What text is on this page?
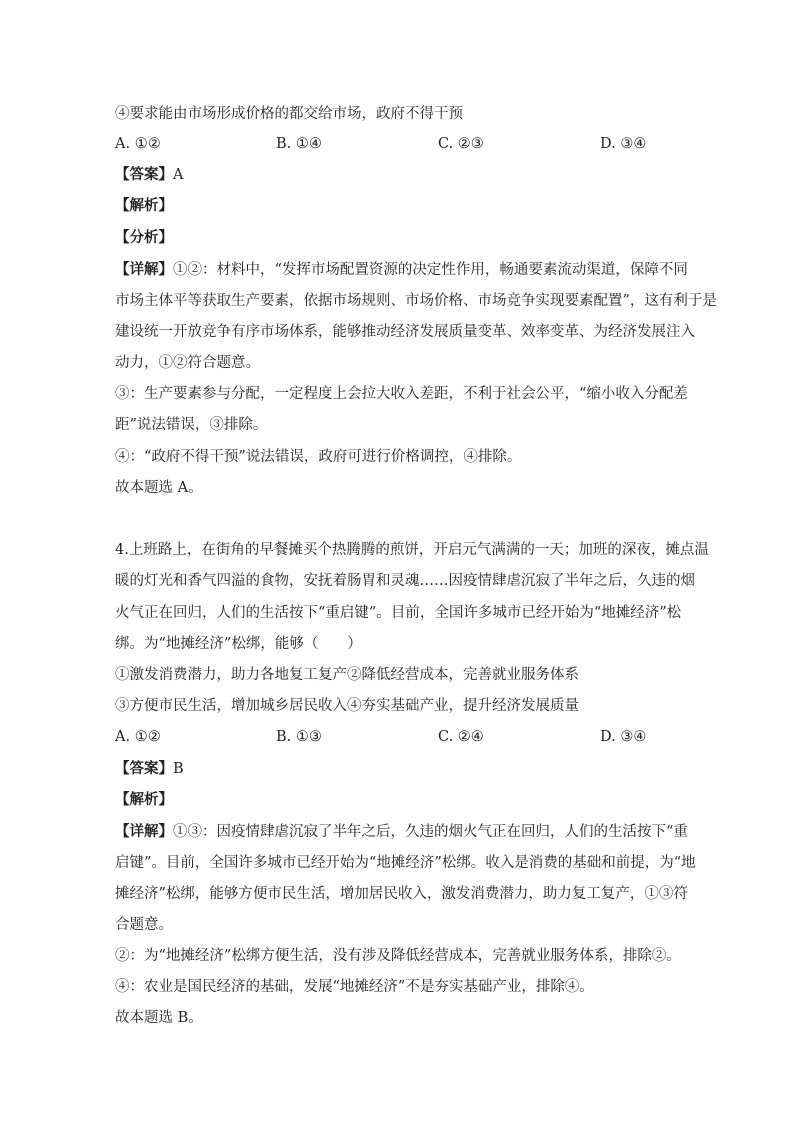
④要求能由市场形成价格的都交给市场，政府不得干预
A. ①②	B. ①④	C. ②③	D. ③④
【答案】A
【解析】
【分析】
【详解】①②：材料中，“发挥市场配置资源的决定性作用，畅通要素流动渠道，保障不同
市场主体平等获取生产要素，依据市场规则、市场价格、市场竞争实现要素配置”，这有利于是
建设统一开放竞争有序市场体系，能够推动经济发展质量变革、效率变革、为经济发展注入
动力，①②符合题意。
③：生产要素参与分配，一定程度上会拉大收入差距，不利于社会公平，“缩小收入分配差
距”说法错误，③排除。
④：“政府不得干预”说法错误，政府可进行价格调控，④排除。
故本题选 A。
4.上班路上，在街角的早餐摊买个热腾腾的煎饼，开启元气满满的一天；加班的深夜，摊点温
暖的灯光和香气四溢的食物，安抚着肠胃和灵魂……因疫情肆虐沉寂了半年之后，久违的烟
火气正在回归，人们的生活按下“重启键”。目前，全国许多城市已经开始为“地摊经济”松
绑。为“地摊经济”松绑，能够（　　）
①激发消费潜力，助力各地复工复产②降低经营成本，完善就业服务体系
③方便市民生活，增加城乡居民收入④夯实基础产业，提升经济发展质量
A. ①②	B. ①③	C. ②④	D. ③④
【答案】B
【解析】
【详解】①③：因疫情肆虐沉寂了半年之后，久违的烟火气正在回归，人们的生活按下“重
启键”。目前，全国许多城市已经开始为“地摊经济”松绑。收入是消费的基础和前提，为“地
摊经济”松绑，能够方便市民生活，增加居民收入，激发消费潜力，助力复工复产，①③符
合题意。
②：为“地摊经济”松绑方便生活，没有涉及降低经营成本，完善就业服务体系，排除②。
④：农业是国民经济的基础，发展“地摊经济”不是夯实基础产业，排除④。
故本题选 B。
